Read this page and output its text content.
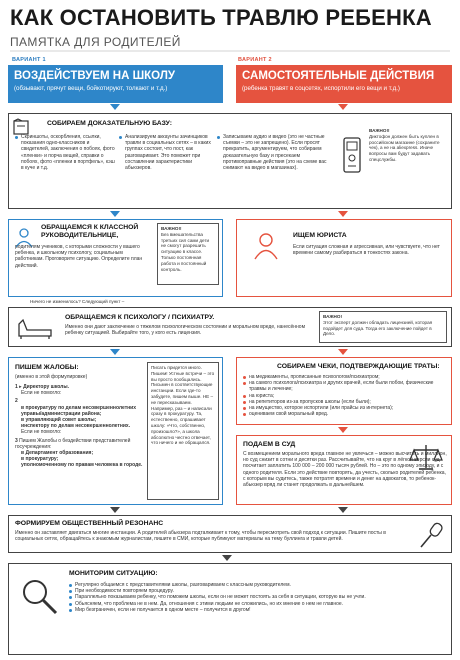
КАК ОСТАНОВИТЬ ТРАВЛЮ РЕБЕНКА
ПАМЯТКА ДЛЯ РОДИТЕЛЕЙ
ВАРИАНТ 1	ВАРИАНТ 2
ВОЗДЕЙСТВУЕМ НА ШКОЛУ
(обзывают, прячут вещи, бойкотируют, толкают и т.д.)
САМОСТОЯТЕЛЬНЫЕ ДЕЙСТВИЯ
(ребенка травят в соцсетях, испортили его вещи и т.д.)
СОБИРАЕМ ДОКАЗАТЕЛЬНУЮ БАЗУ:
Скриншоты, оскорбления, ссылки, показания одно-классников и свидетелей, заключения о побоях, фото «пленки» и порча вещей, справки о побоях, фото «пленки в портфель», кэш в куче и т.д.
Анализируем аккаунты зачинщиков травли в социальных сетях – в каких группах состоит, что пост, как разговаривает. Это поможет при составлении характеристики абьюзеров.
Записываем аудио и видео (это не частные съемки – это не запрещено). Если просят прекратить, аргументируем, что собираем доказательную базу и пресекаем противоправные действия (это на схеме вас снимают на видео в магазинах).
ВАЖНО!!
Диктофон должен быть куплен в российском магазине (сохраните чек), а не на aliexpress. Иначе вопросы вам будут задавать спецслужбы.
ОБРАЩАЕМСЯ К КЛАССНОЙ РУКОВОДИТЕЛЬНИЦЕ,
родителям учеников, с которыми сложности у вашего ребенка, и школьному психологу, социальным работникам. Проговорите ситуацию. Определите план действий.
ВАЖНО!!
Без вмешательства третьих сил сами дети не смогут разрешить ситуацию в классе. Только постоянная работа и постоянный контроль.
Ничего не изменилось? Следующий пункт –
ИЩЕМ ЮРИСТА
Если ситуация сложная и агрессивная, или чувствуете, что нет времени самому разбираться в тонкостях закона.
ОБРАЩАЕМСЯ К ПСИХОЛОГУ / ПСИХИАТРУ.
Именно они дают заключение о тяжелом психологическом состоянии и моральном вреде, нанесённом ребенку ситуацией. Выбирайте того, у кого есть лицензия.
ВАЖНО!
Этот эксперт должен обладать лицензией, которая подойдет для суда. Тогда его заключение пойдет в Дело.
ПИШЕМ ЖАЛОБЫ:
(именно в этой формулировке)
1 ▸ Директору школы.
Если не помогло:
2
в прокуратуру по делам несовершеннолетних управы/администрации района;
в управляющий совет школы;
инспектору по делам несовершеннолетних.
Если не помогло:
3 Пишем Жалобы о бездействии представителей госучреждения:
в Департамент образования;
в прокуратуру;
уполномоченному по правам человека в городе.
Писать придется много. Пишем! Устные встречи – это вы просто пообщались. Письмен в соответствующие инстанции. Если где-то забудете, пишем выше. НЕ – не пересказываем. Например, раз – и написали сразу в прокуратуру. Та, естественно, спрашивает школу: «Что, собственно, произошло?», а школа абсолютно честно отвечает, что ничего и не обращался.
СОБИРАЕМ ЧЕКИ, ПОДТВЕРЖДАЮЩИЕ ТРАТЫ:
на медикаменты, прописанные психологом/психиатром;
на самого психолога/психиатра и других врачей, если были побои, физические травмы и лечение;
на юриста;
на репетиторов из-за пропусков школы (если были);
на имущество, которое испортили (или прайсы из интернета);
оцениваем свой моральный вред.
ПОДАЕМ В СУД
С возмещением морального вреда главное не увлечься – можно высчитать и миллион, но суд снизит в сотни и десятки раз. Рассчитывайте, что на круг в лёгкой версии суд посчитает заплатить 100 000 – 200 000 тысяч рублей. Но – это по одному эпизоду, и с одного родителя. Если это действие повторять, да учесть, сколько родителей ребенка, с которым вы судитесь, также потратят времени и денег на адвокатов, то ребенок-абьюзер вряд ли станет продолжать в дальнейшем.
ФОРМИРУЕМ ОБЩЕСТВЕННЫЙ РЕЗОНАНС
Именно он заставляет двигаться многие инстанции. А родителей абьюзера подталкивает к тому, чтобы пересмотреть свой подход к ситуации. Пишите посты в социальных сетях, обращайтесь к знакомым журналистам, пишите в СМИ, которые публикуют материалы на тему буллинга и травли детей.
МОНИТОРИМ СИТУАЦИЮ:
Регулярно общаемся с представителями школы, разговариваем с классным руководителем.
При необходимости повторяем процедуру.
Параллельно показываем ребенку, что поможем школы, если он не может постоять за себя в ситуации, которую вы не учли.
Обьясняем, что проблема не в нем. Да, отношения с этими людьми не сложились, но их мнение о нем не главное.
Мир безграничен, если не получается в одном месте – получится в другом!
